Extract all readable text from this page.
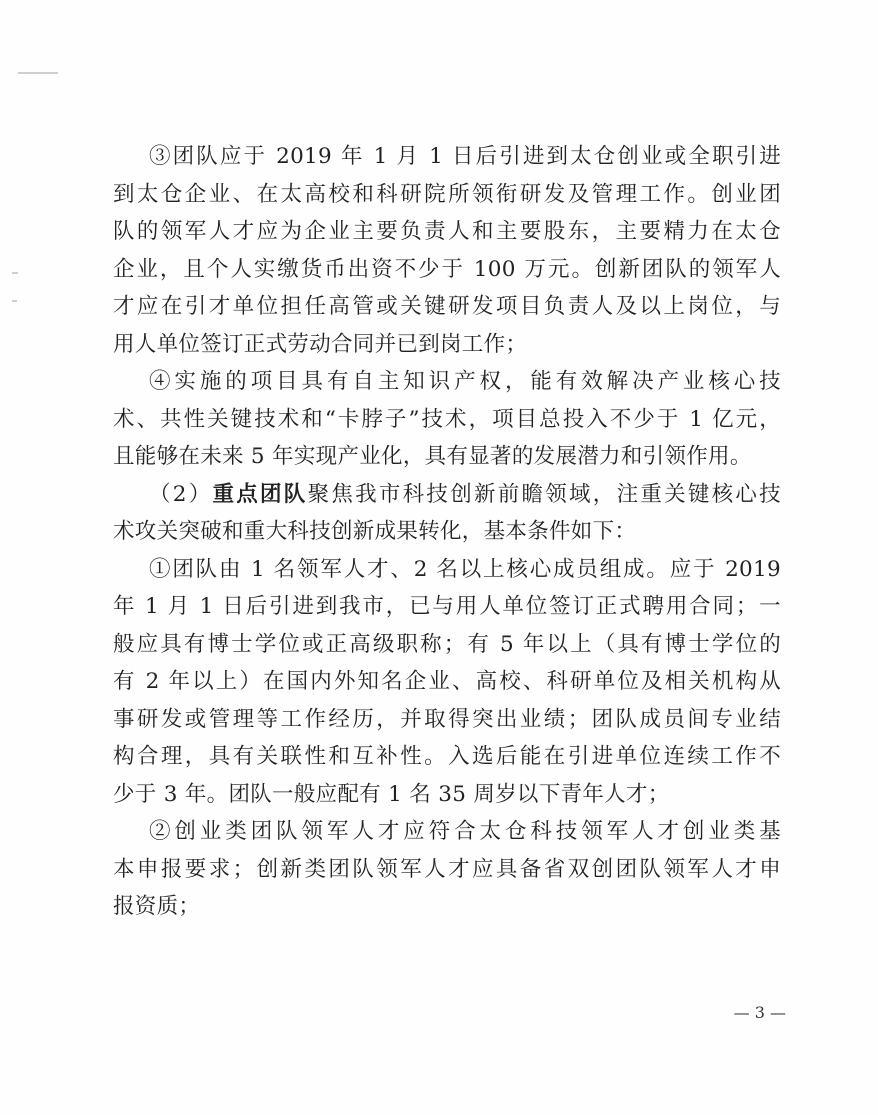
③团队应于 2019 年 1 月 1 日后引进到太仓创业或全职引进
到太仓企业、在太高校和科研院所领衔研发及管理工作。创业团
队的领军人才应为企业主要负责人和主要股东，主要精力在太仓
企业，且个人实缴货币出资不少于 100 万元。创新团队的领军人
才应在引才单位担任高管或关键研发项目负责人及以上岗位，与
用人单位签订正式劳动合同并已到岗工作；
④实施的项目具有自主知识产权，能有效解决产业核心技
术、共性关键技术和“卡脖子”技术，项目总投入不少于 1 亿元，
且能够在未来 5 年实现产业化，具有显著的发展潜力和引领作用。
（2）重点团队聚焦我市科技创新前瞻领域，注重关键核心技
术攻关突破和重大科技创新成果转化，基本条件如下：
①团队由 1 名领军人才、2 名以上核心成员组成。应于 2019
年 1 月 1 日后引进到我市，已与用人单位签订正式聘用合同；一
般应具有博士学位或正高级职称；有 5 年以上（具有博士学位的
有 2 年以上）在国内外知名企业、高校、科研单位及相关机构从
事研发或管理等工作经历，并取得突出业绩；团队成员间专业结
构合理，具有关联性和互补性。入选后能在引进单位连续工作不
少于 3 年。团队一般应配有 1 名 35 周岁以下青年人才；
②创业类团队领军人才应符合太仓科技领军人才创业类基
本申报要求；创新类团队领军人才应具备省双创团队领军人才申
报资质；
— 3 —
